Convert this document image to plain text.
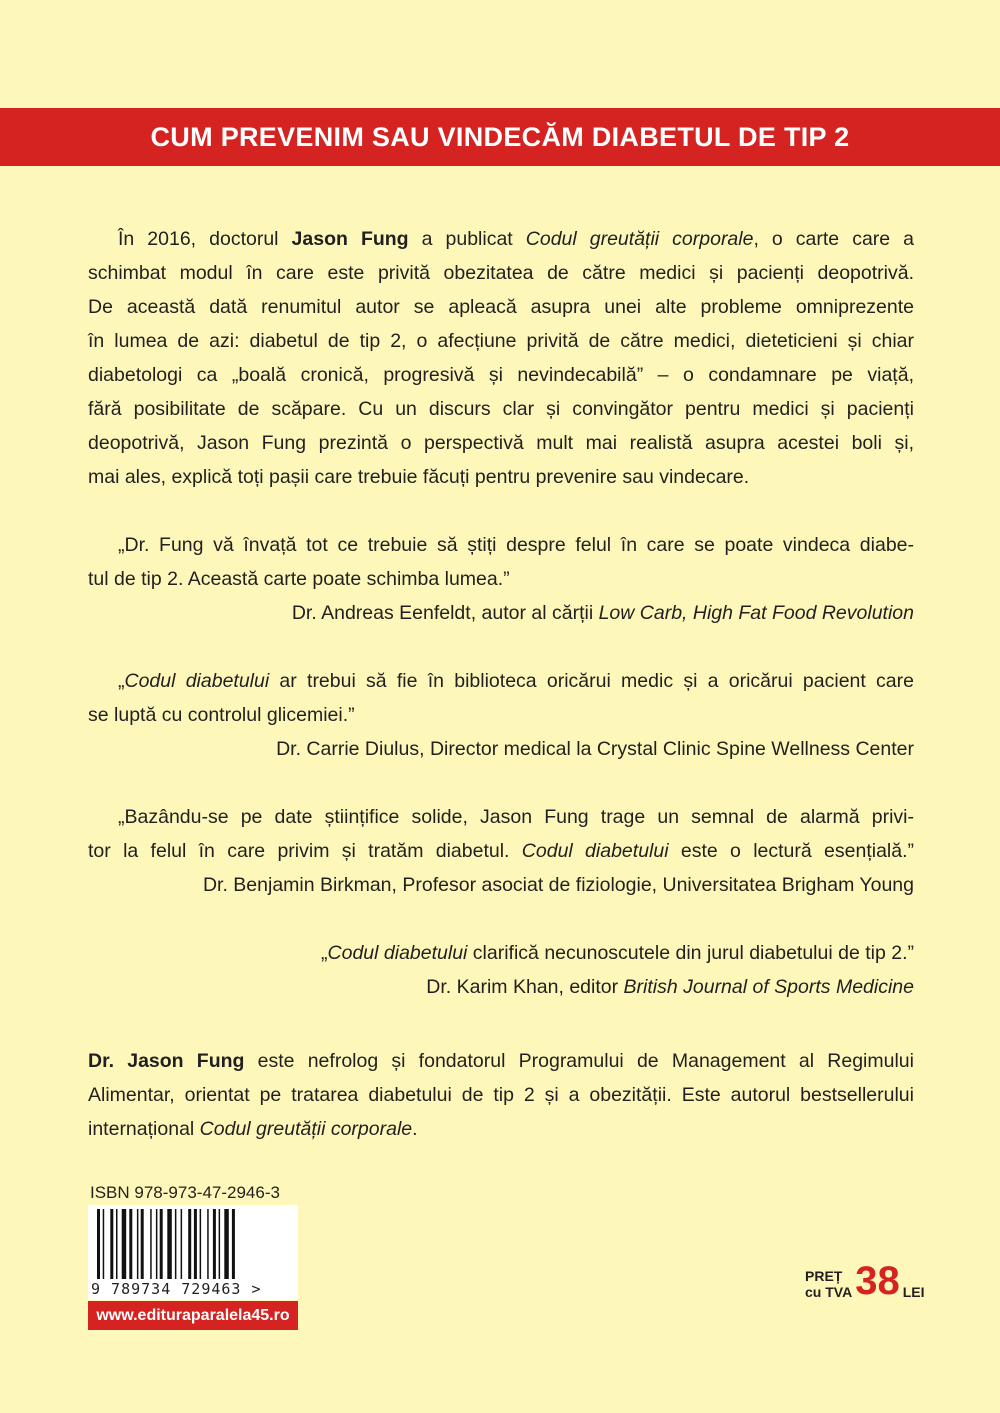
CUM PREVENIM SAU VINDECĂM DIABETUL DE TIP 2
În 2016, doctorul Jason Fung a publicat Codul greutății corporale, o carte care a
schimbat modul în care este privită obezitatea de către medici și pacienți deopotrivă.
De această dată renumitul autor se apleacă asupra unei alte probleme omniprezente
în lumea de azi: diabetul de tip 2, o afecțiune privită de către medici, dieteticieni și chiar
diabetologi ca „boală cronică, progresivă și nevindecabilă” – o condamnare pe viață,
fără posibilitate de scăpare. Cu un discurs clar și convingător pentru medici și pacienți
deopotrivă, Jason Fung prezintă o perspectivă mult mai realistă asupra acestei boli și,
mai ales, explică toți pașii care trebuie făcuți pentru prevenire sau vindecare.
„Dr. Fung vă învață tot ce trebuie să știți despre felul în care se poate vindeca diabe-
tul de tip 2. Această carte poate schimba lumea.”
Dr. Andreas Eenfeldt, autor al cărții Low Carb, High Fat Food Revolution
„Codul diabetului ar trebui să fie în biblioteca oricărui medic și a oricărui pacient care
se luptă cu controlul glicemiei.”
Dr. Carrie Diulus, Director medical la Crystal Clinic Spine Wellness Center
„Bazându-se pe date științifice solide, Jason Fung trage un semnal de alarmă privi-
tor la felul în care privim și tratăm diabetul. Codul diabetului este o lectură esențială.”
Dr. Benjamin Birkman, Profesor asociat de fiziologie, Universitatea Brigham Young
„Codul diabetului clarifică necunoscutele din jurul diabetului de tip 2.”
Dr. Karim Khan, editor British Journal of Sports Medicine
Dr. Jason Fung este nefrolog și fondatorul Programului de Management al Regimului
Alimentar, orientat pe tratarea diabetului de tip 2 și a obezității. Este autorul bestsellerului
internațional Codul greutății corporale.
ISBN 978-973-47-2946-3
9 789734 729463 >
www.edituraparalela45.ro
PREȚ
cu TVA 38 LEI
